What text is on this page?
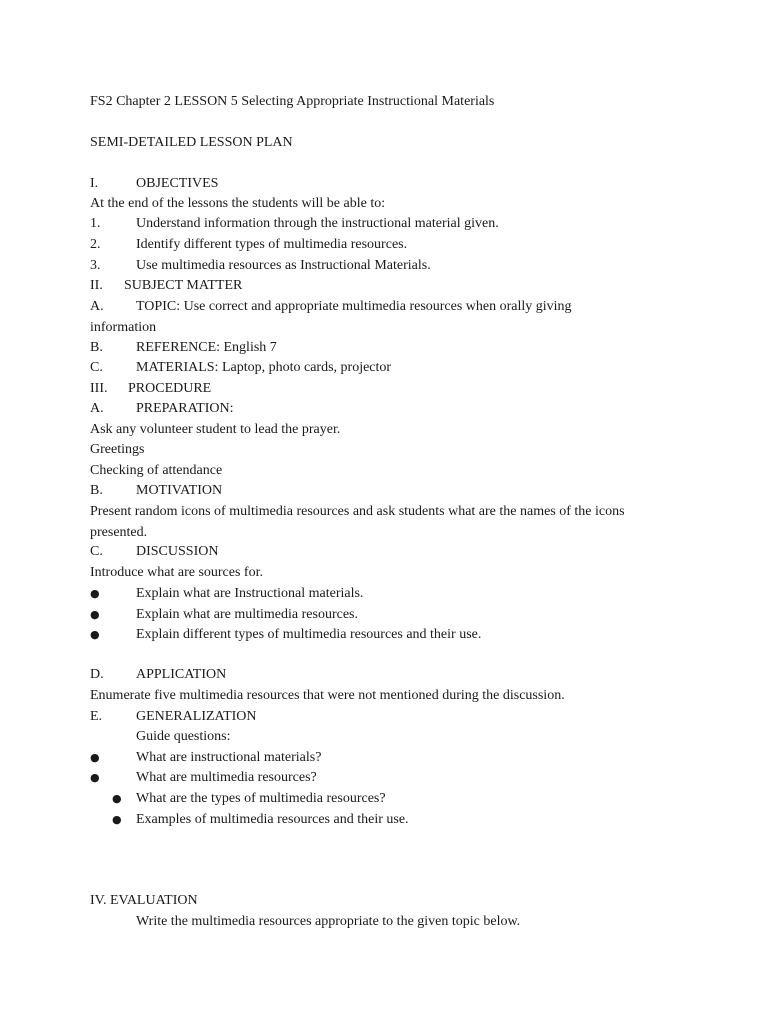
FS2 Chapter 2 LESSON 5 Selecting Appropriate Instructional Materials
SEMI-DETAILED LESSON PLAN
I.	OBJECTIVES
At the end of the lessons the students will be able to:
1.	Understand information through the instructional material given.
2.	Identify different types of multimedia resources.
3.	Use multimedia resources as Instructional Materials.
II. SUBJECT MATTER
A. TOPIC: Use correct and appropriate multimedia resources when orally giving
information
B. REFERENCE: English 7
C. MATERIALS: Laptop, photo cards, projector
III. PROCEDURE
A. PREPARATION:
Ask any volunteer student to lead the prayer.
Greetings
Checking of attendance
B. MOTIVATION
Present random icons of multimedia resources and ask students what are the names of the icons
presented.
C. DISCUSSION
Introduce what are sources for.
●	Explain what are Instructional materials.
●	Explain what are multimedia resources.
●	Explain different types of multimedia resources and their use.
D. APPLICATION
Enumerate five multimedia resources that were not mentioned during the discussion.
E. GENERALIZATION
Guide questions:
●	What are instructional materials?
●	What are multimedia resources?
● What are the types of multimedia resources?
● Examples of multimedia resources and their use.
IV. EVALUATION
Write the multimedia resources appropriate to the given topic below.
